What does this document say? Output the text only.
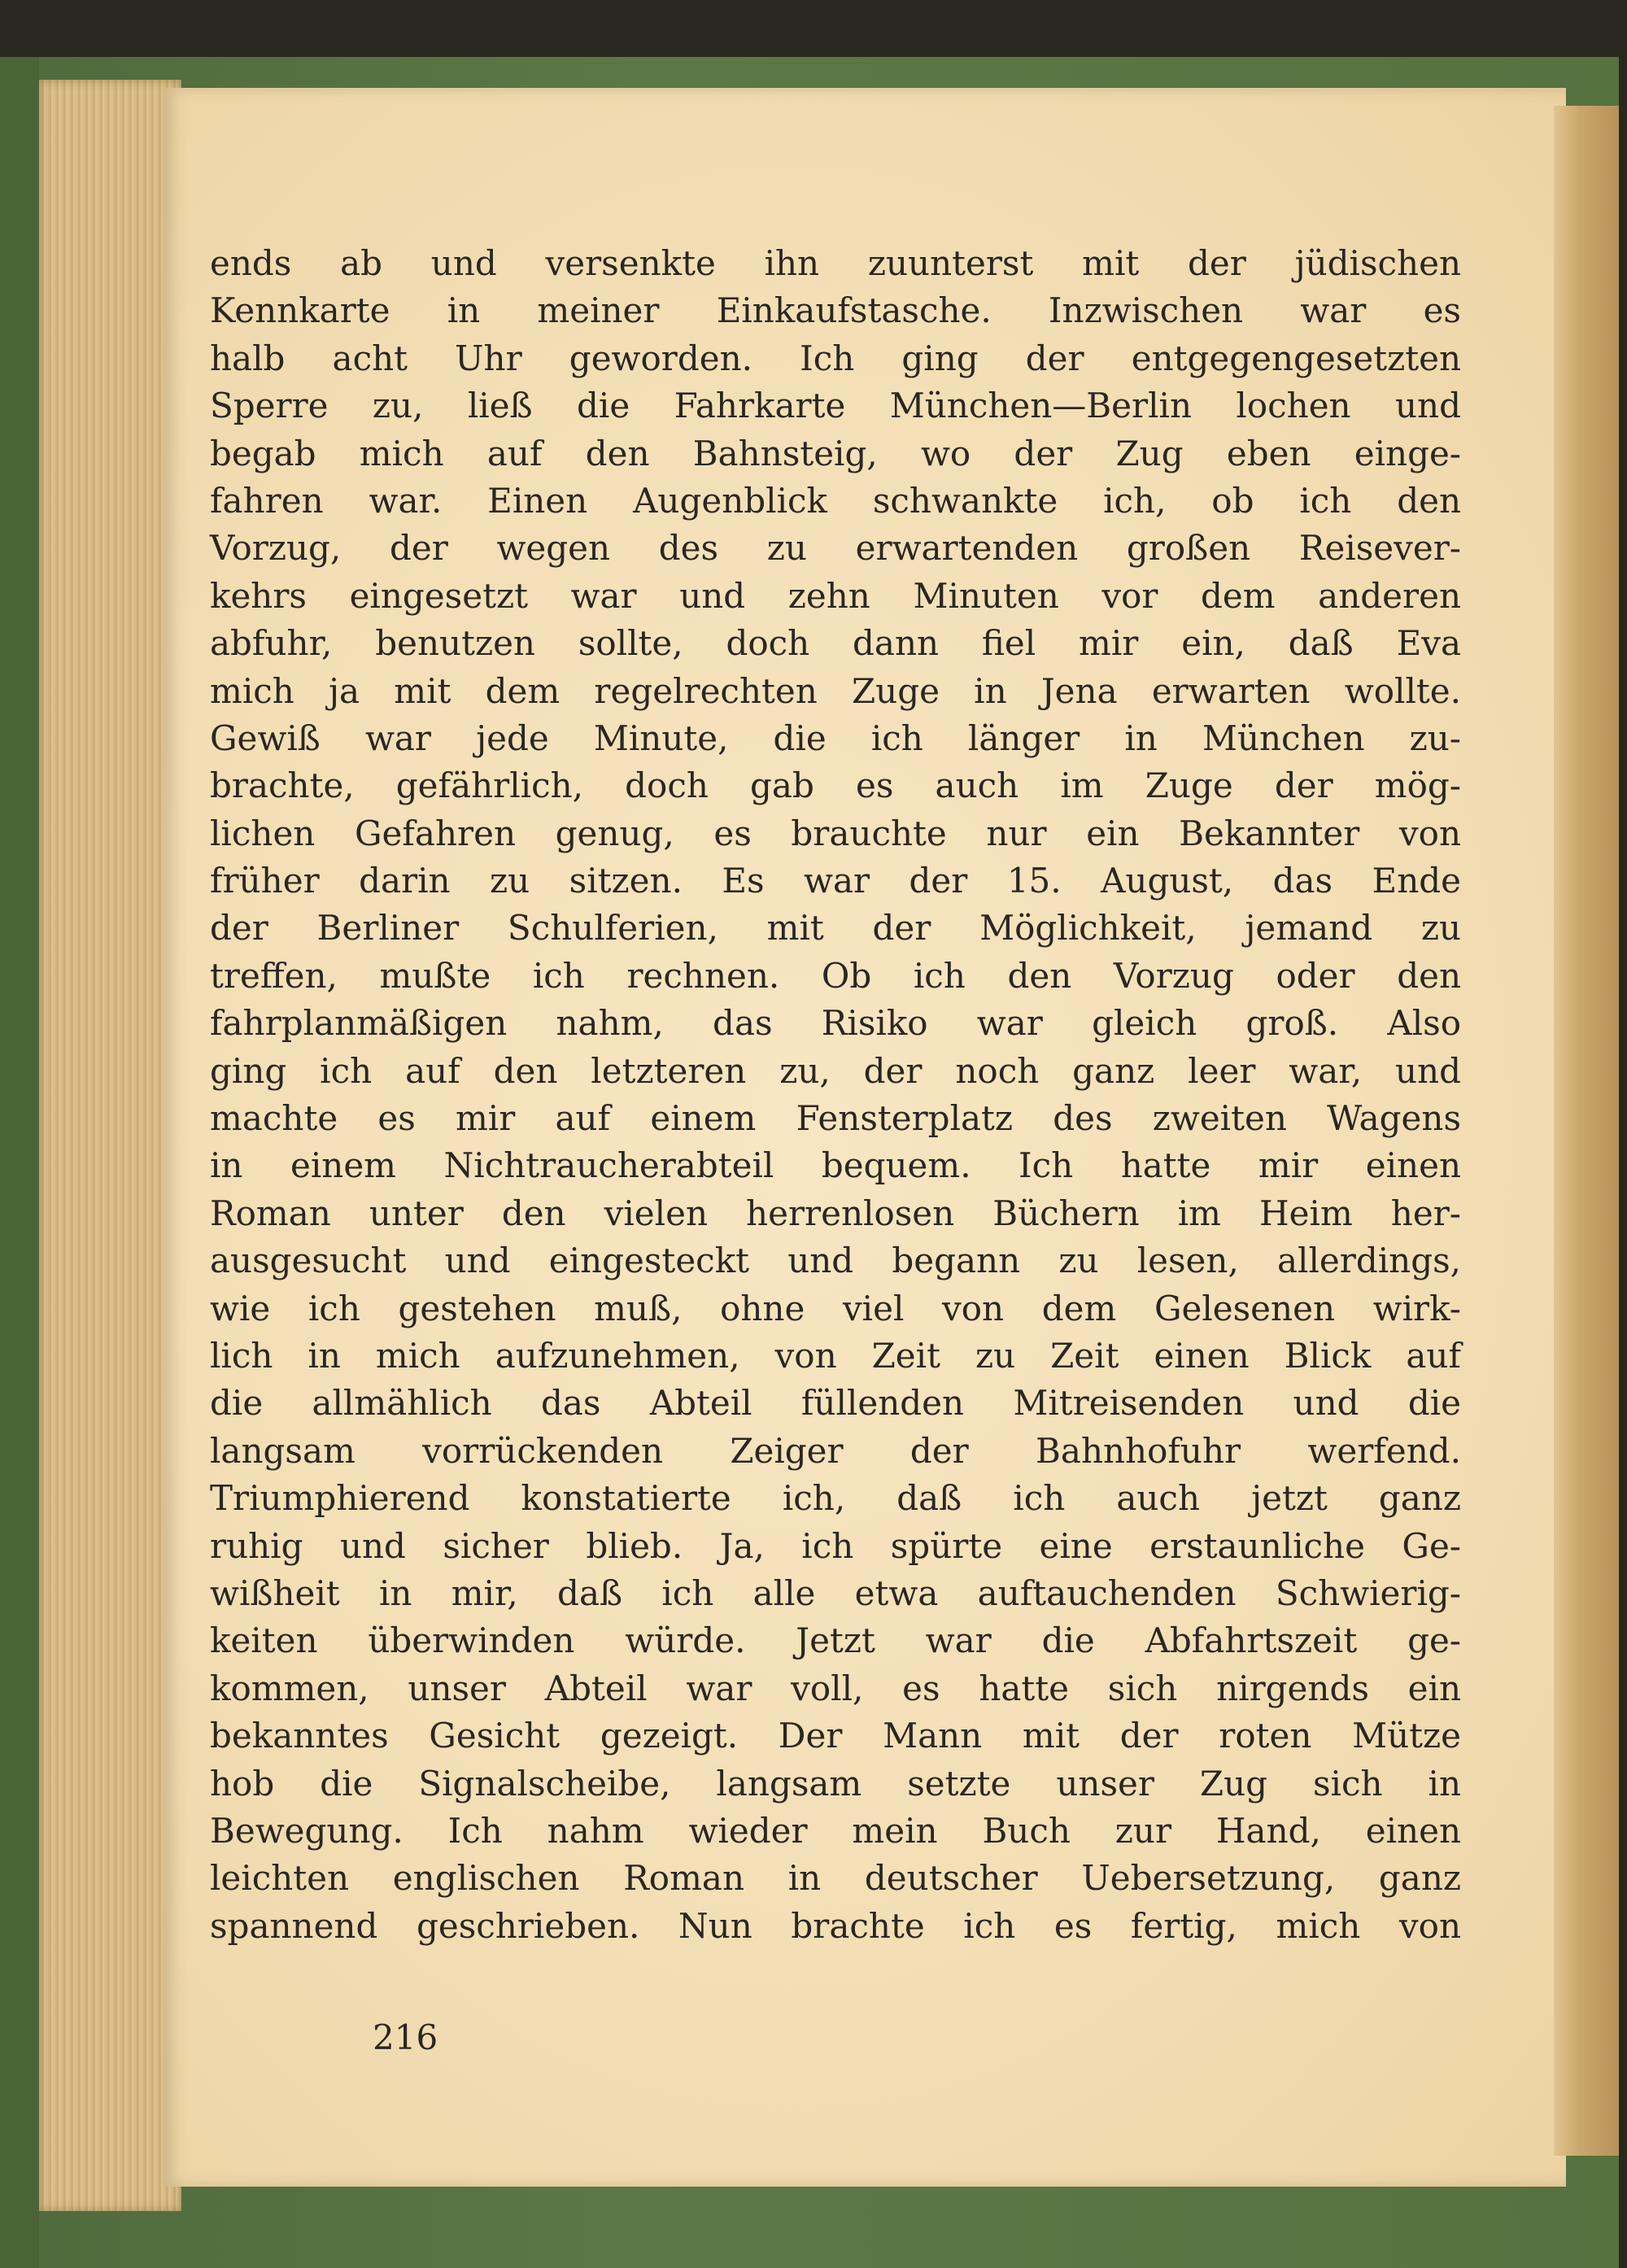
ends ab und versenkte ihn zuunterst mit der jüdischen
Kennkarte in meiner Einkaufstasche. Inzwischen war es
halb acht Uhr geworden. Ich ging der entgegengesetzten
Sperre zu, ließ die Fahrkarte München—Berlin lochen und
begab mich auf den Bahnsteig, wo der Zug eben einge-
fahren war. Einen Augenblick schwankte ich, ob ich den
Vorzug, der wegen des zu erwartenden großen Reisever-
kehrs eingesetzt war und zehn Minuten vor dem anderen
abfuhr, benutzen sollte, doch dann fiel mir ein, daß Eva
mich ja mit dem regelrechten Zuge in Jena erwarten wollte.
Gewiß war jede Minute, die ich länger in München zu-
brachte, gefährlich, doch gab es auch im Zuge der mög-
lichen Gefahren genug, es brauchte nur ein Bekannter von
früher darin zu sitzen. Es war der 15. August, das Ende
der Berliner Schulferien, mit der Möglichkeit, jemand zu
treffen, mußte ich rechnen. Ob ich den Vorzug oder den
fahrplanmäßigen nahm, das Risiko war gleich groß. Also
ging ich auf den letzteren zu, der noch ganz leer war, und
machte es mir auf einem Fensterplatz des zweiten Wagens
in einem Nichtraucherabteil bequem. Ich hatte mir einen
Roman unter den vielen herrenlosen Büchern im Heim her-
ausgesucht und eingesteckt und begann zu lesen, allerdings,
wie ich gestehen muß, ohne viel von dem Gelesenen wirk-
lich in mich aufzunehmen, von Zeit zu Zeit einen Blick auf
die allmählich das Abteil füllenden Mitreisenden und die
langsam vorrückenden Zeiger der Bahnhofuhr werfend.
Triumphierend konstatierte ich, daß ich auch jetzt ganz
ruhig und sicher blieb. Ja, ich spürte eine erstaunliche Ge-
wißheit in mir, daß ich alle etwa auftauchenden Schwierig-
keiten überwinden würde. Jetzt war die Abfahrtszeit ge-
kommen, unser Abteil war voll, es hatte sich nirgends ein
bekanntes Gesicht gezeigt. Der Mann mit der roten Mütze
hob die Signalscheibe, langsam setzte unser Zug sich in
Bewegung. Ich nahm wieder mein Buch zur Hand, einen
leichten englischen Roman in deutscher Uebersetzung, ganz
spannend geschrieben. Nun brachte ich es fertig, mich von
216
